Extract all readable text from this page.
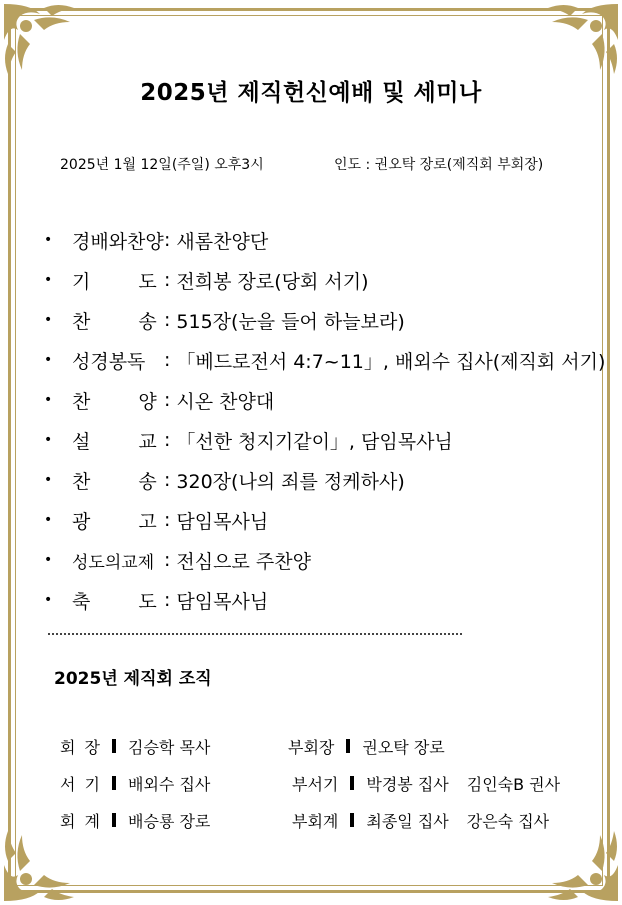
2025년 제직헌신예배 및 세미나
2025년 1월 12일(주일) 오후3시	인도 : 권오탁 장로(제직회 부회장)
•	경배와찬양 : 새롬찬양단
•	기 도 : 전희봉 장로(당회 서기)
•	찬 송 : 515장(눈을 들어 하늘보라)
•	성경봉독 : 「베드로전서 4:7~11」, 배외수 집사(제직회 서기)
•	찬 양 : 시온 찬양대
•	설 교 : 「선한 청지기같이」, 담임목사님
•	찬 송 : 320장(나의 죄를 정케하사)
•	광 고 : 담임목사님
•	성도의교제 : 전심으로 주찬양
•	축 도 : 담임목사님
2025년 제직회 조직
회 장 김승학 목사	부회장 권오탁 장로
서 기 배외수 집사	부서기 박경봉 집사 김인숙B 권사
회 계 배승룡 장로	부회계 최종일 집사 강은숙 집사
